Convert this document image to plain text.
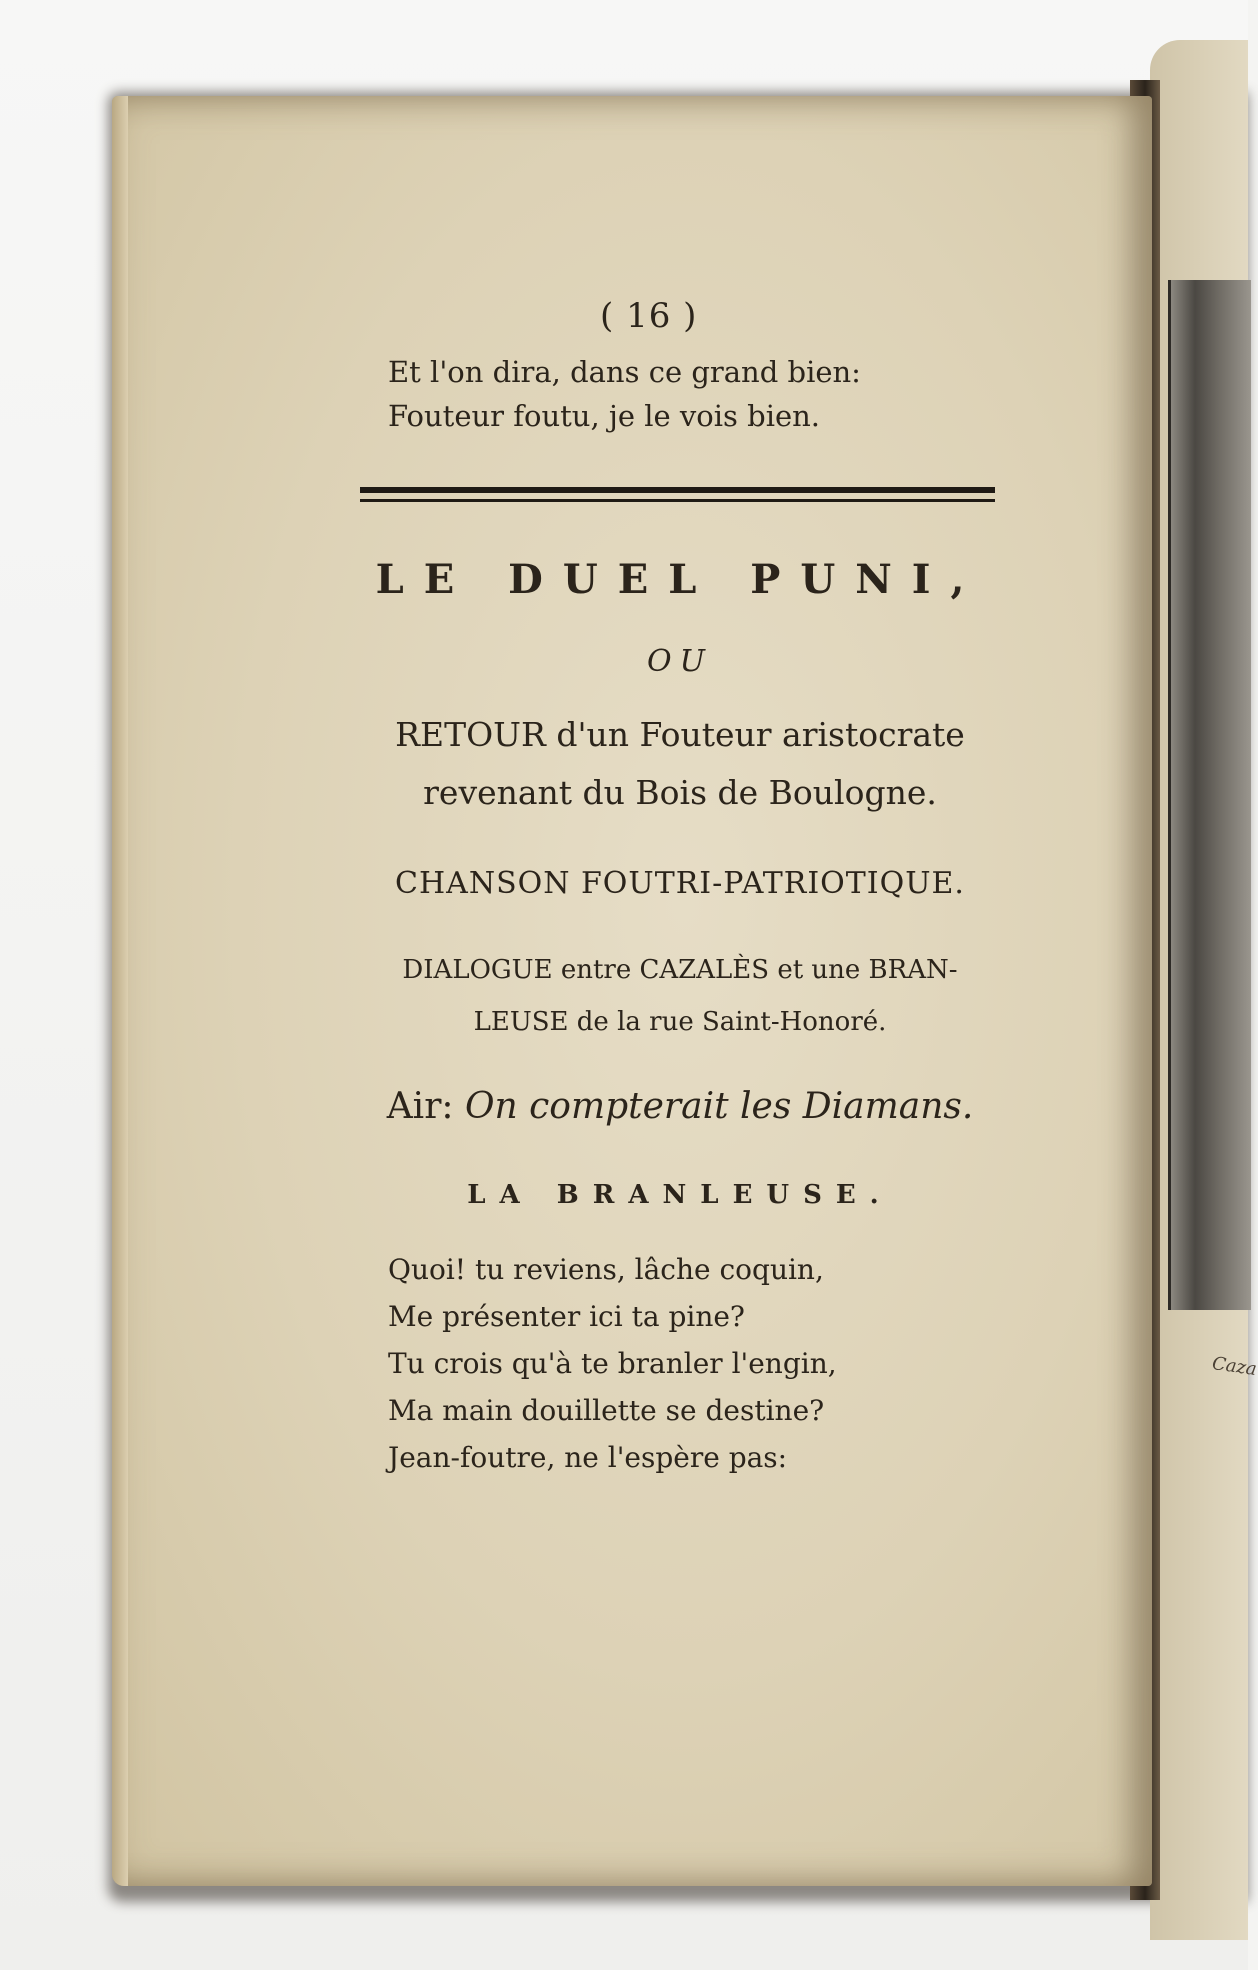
Caza
( 16 )
Et l'on dira, dans ce grand bien:
Fouteur foutu, je le vois bien.
LE DUEL PUNI,
OU
RETOUR d'un Fouteur aristocrate
revenant du Bois de Boulogne.
CHANSON FOUTRI-PATRIOTIQUE.
DIALOGUE entre CAZALÈS et une BRAN-
LEUSE de la rue Saint-Honoré.
Air: On compterait les Diamans.
LA BRANLEUSE.
Quoi! tu reviens, lâche coquin,
Me présenter ici ta pine?
Tu crois qu'à te branler l'engin,
Ma main douillette se destine?
Jean-foutre, ne l'espère pas:
